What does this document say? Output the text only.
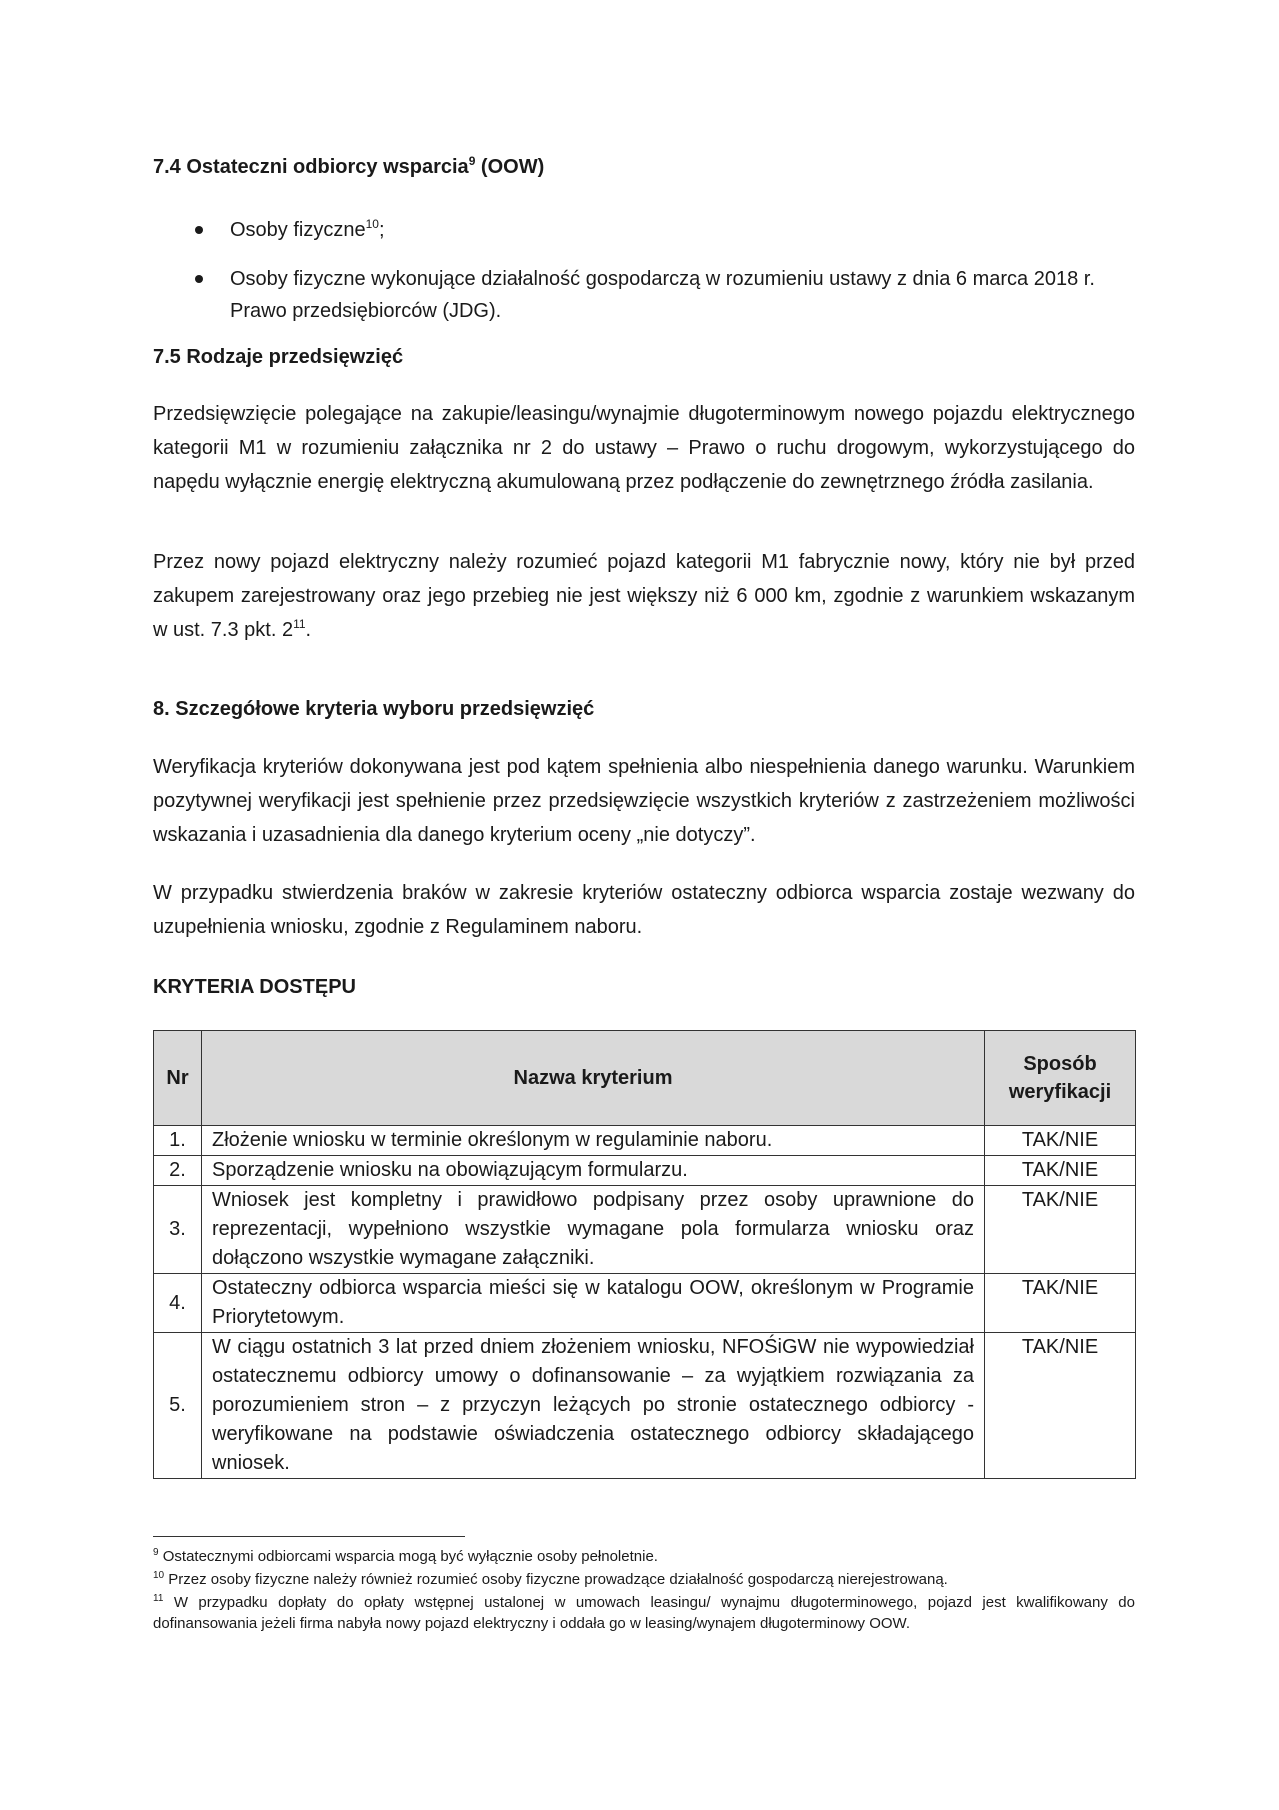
7.4 Ostateczni odbiorcy wsparcia$^9$ (OOW)
Osoby fizyczne$^{10}$;
Osoby fizyczne wykonujące działalność gospodarczą w rozumieniu ustawy z dnia 6 marca 2018 r. Prawo przedsiębiorców (JDG).
7.5 Rodzaje przedsięwzięć
Przedsięwzięcie polegające na zakupie/leasingu/wynajmie długoterminowym nowego pojazdu elektrycznego kategorii M1 w rozumieniu załącznika nr 2 do ustawy – Prawo o ruchu drogowym, wykorzystującego do napędu wyłącznie energię elektryczną akumulowaną przez podłączenie do zewnętrznego źródła zasilania.
Przez nowy pojazd elektryczny należy rozumieć pojazd kategorii M1 fabrycznie nowy, który nie był przed zakupem zarejestrowany oraz jego przebieg nie jest większy niż 6 000 km, zgodnie z warunkiem wskazanym w ust. 7.3 pkt. $2^{11}$.
8. Szczegółowe kryteria wyboru przedsięwzięć
Weryfikacja kryteriów dokonywana jest pod kątem spełnienia albo niespełnienia danego warunku. Warunkiem pozytywnej weryfikacji jest spełnienie przez przedsięwzięcie wszystkich kryteriów z zastrzeżeniem możliwości wskazania i uzasadnienia dla danego kryterium oceny „nie dotyczy”.
W przypadku stwierdzenia braków w zakresie kryteriów ostateczny odbiorca wsparcia zostaje wezwany do uzupełnienia wniosku, zgodnie z Regulaminem naboru.
KRYTERIA DOSTĘPU
Nr	Nazwa kryterium	Sposób weryfikacji
1.	Złożenie wniosku w terminie określonym w regulaminie naboru.	TAK/NIE
2.	Sporządzenie wniosku na obowiązującym formularzu.	TAK/NIE
3.	Wniosek jest kompletny i prawidłowo podpisany przez osoby uprawnione do reprezentacji, wypełniono wszystkie wymagane pola formularza wniosku oraz dołączono wszystkie wymagane załączniki.	TAK/NIE
4.	Ostateczny odbiorca wsparcia mieści się w katalogu OOW, określonym w Programie Priorytetowym.	TAK/NIE
5.	W ciągu ostatnich 3 lat przed dniem złożeniem wniosku, NFOŚiGW nie wypowiedział ostatecznemu odbiorcy umowy o dofinansowanie – za wyjątkiem rozwiązania za porozumieniem stron – z przyczyn leżących po stronie ostatecznego odbiorcy - weryfikowane na podstawie oświadczenia ostatecznego odbiorcy składającego wniosek.	TAK/NIE
$^9$ Ostatecznymi odbiorcami wsparcia mogą być wyłącznie osoby pełnoletnie.
$^{10}$ Przez osoby fizyczne należy również rozumieć osoby fizyczne prowadzące działalność gospodarczą nierejestrowaną.
$^{11}$ W przypadku dopłaty do opłaty wstępnej ustalonej w umowach leasingu/ wynajmu długoterminowego, pojazd jest kwalifikowany do dofinansowania jeżeli firma nabyła nowy pojazd elektryczny i oddała go w leasing/wynajem długoterminowy OOW.
